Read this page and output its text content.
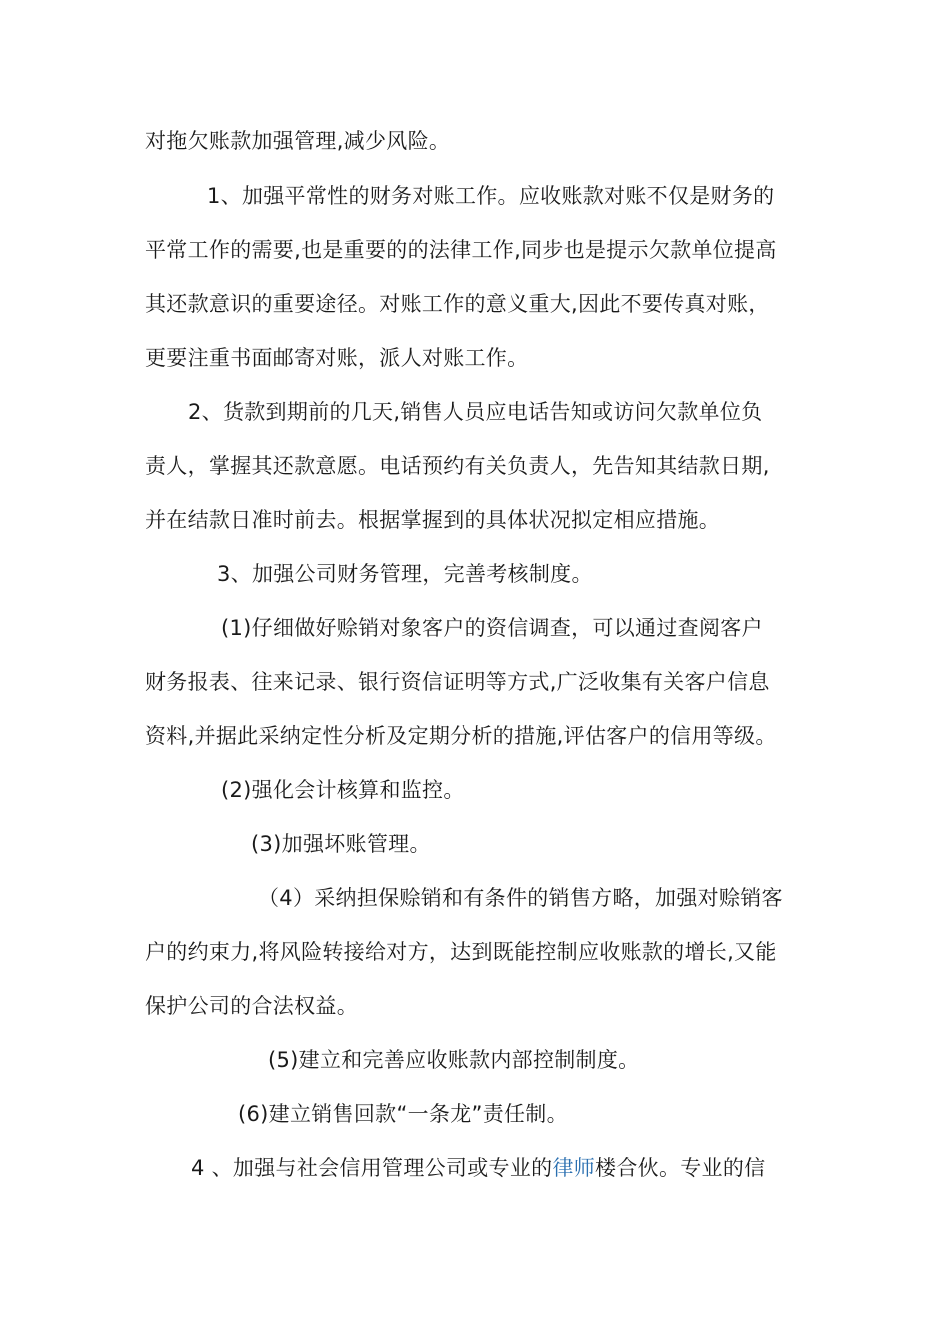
对拖欠账款加强管理,减少风险。
1、加强平常性的财务对账工作。应收账款对账不仅是财务的
平常工作的需要,也是重要的的法律工作,同步也是提示欠款单位提高
其还款意识的重要途径。对账工作的意义重大,因此不要传真对账，
更要注重书面邮寄对账，派人对账工作。
2、货款到期前的几天,销售人员应电话告知或访问欠款单位负
责人，掌握其还款意愿。电话预约有关负责人，先告知其结款日期,
并在结款日准时前去。根据掌握到的具体状况拟定相应措施。
3、加强公司财务管理，完善考核制度。
(1)仔细做好赊销对象客户的资信调查，可以通过查阅客户
财务报表、往来记录、银行资信证明等方式,广泛收集有关客户信息
资料,并据此采纳定性分析及定期分析的措施,评估客户的信用等级。
(2)强化会计核算和监控。
(3)加强坏账管理。
（4）采纳担保赊销和有条件的销售方略，加强对赊销客
户的约束力,将风险转接给对方，达到既能控制应收账款的增长,又能
保护公司的合法权益。
(5)建立和完善应收账款内部控制制度。
(6)建立销售回款“一条龙”责任制。
4 、加强与社会信用管理公司或专业的律师楼合伙。专业的信
